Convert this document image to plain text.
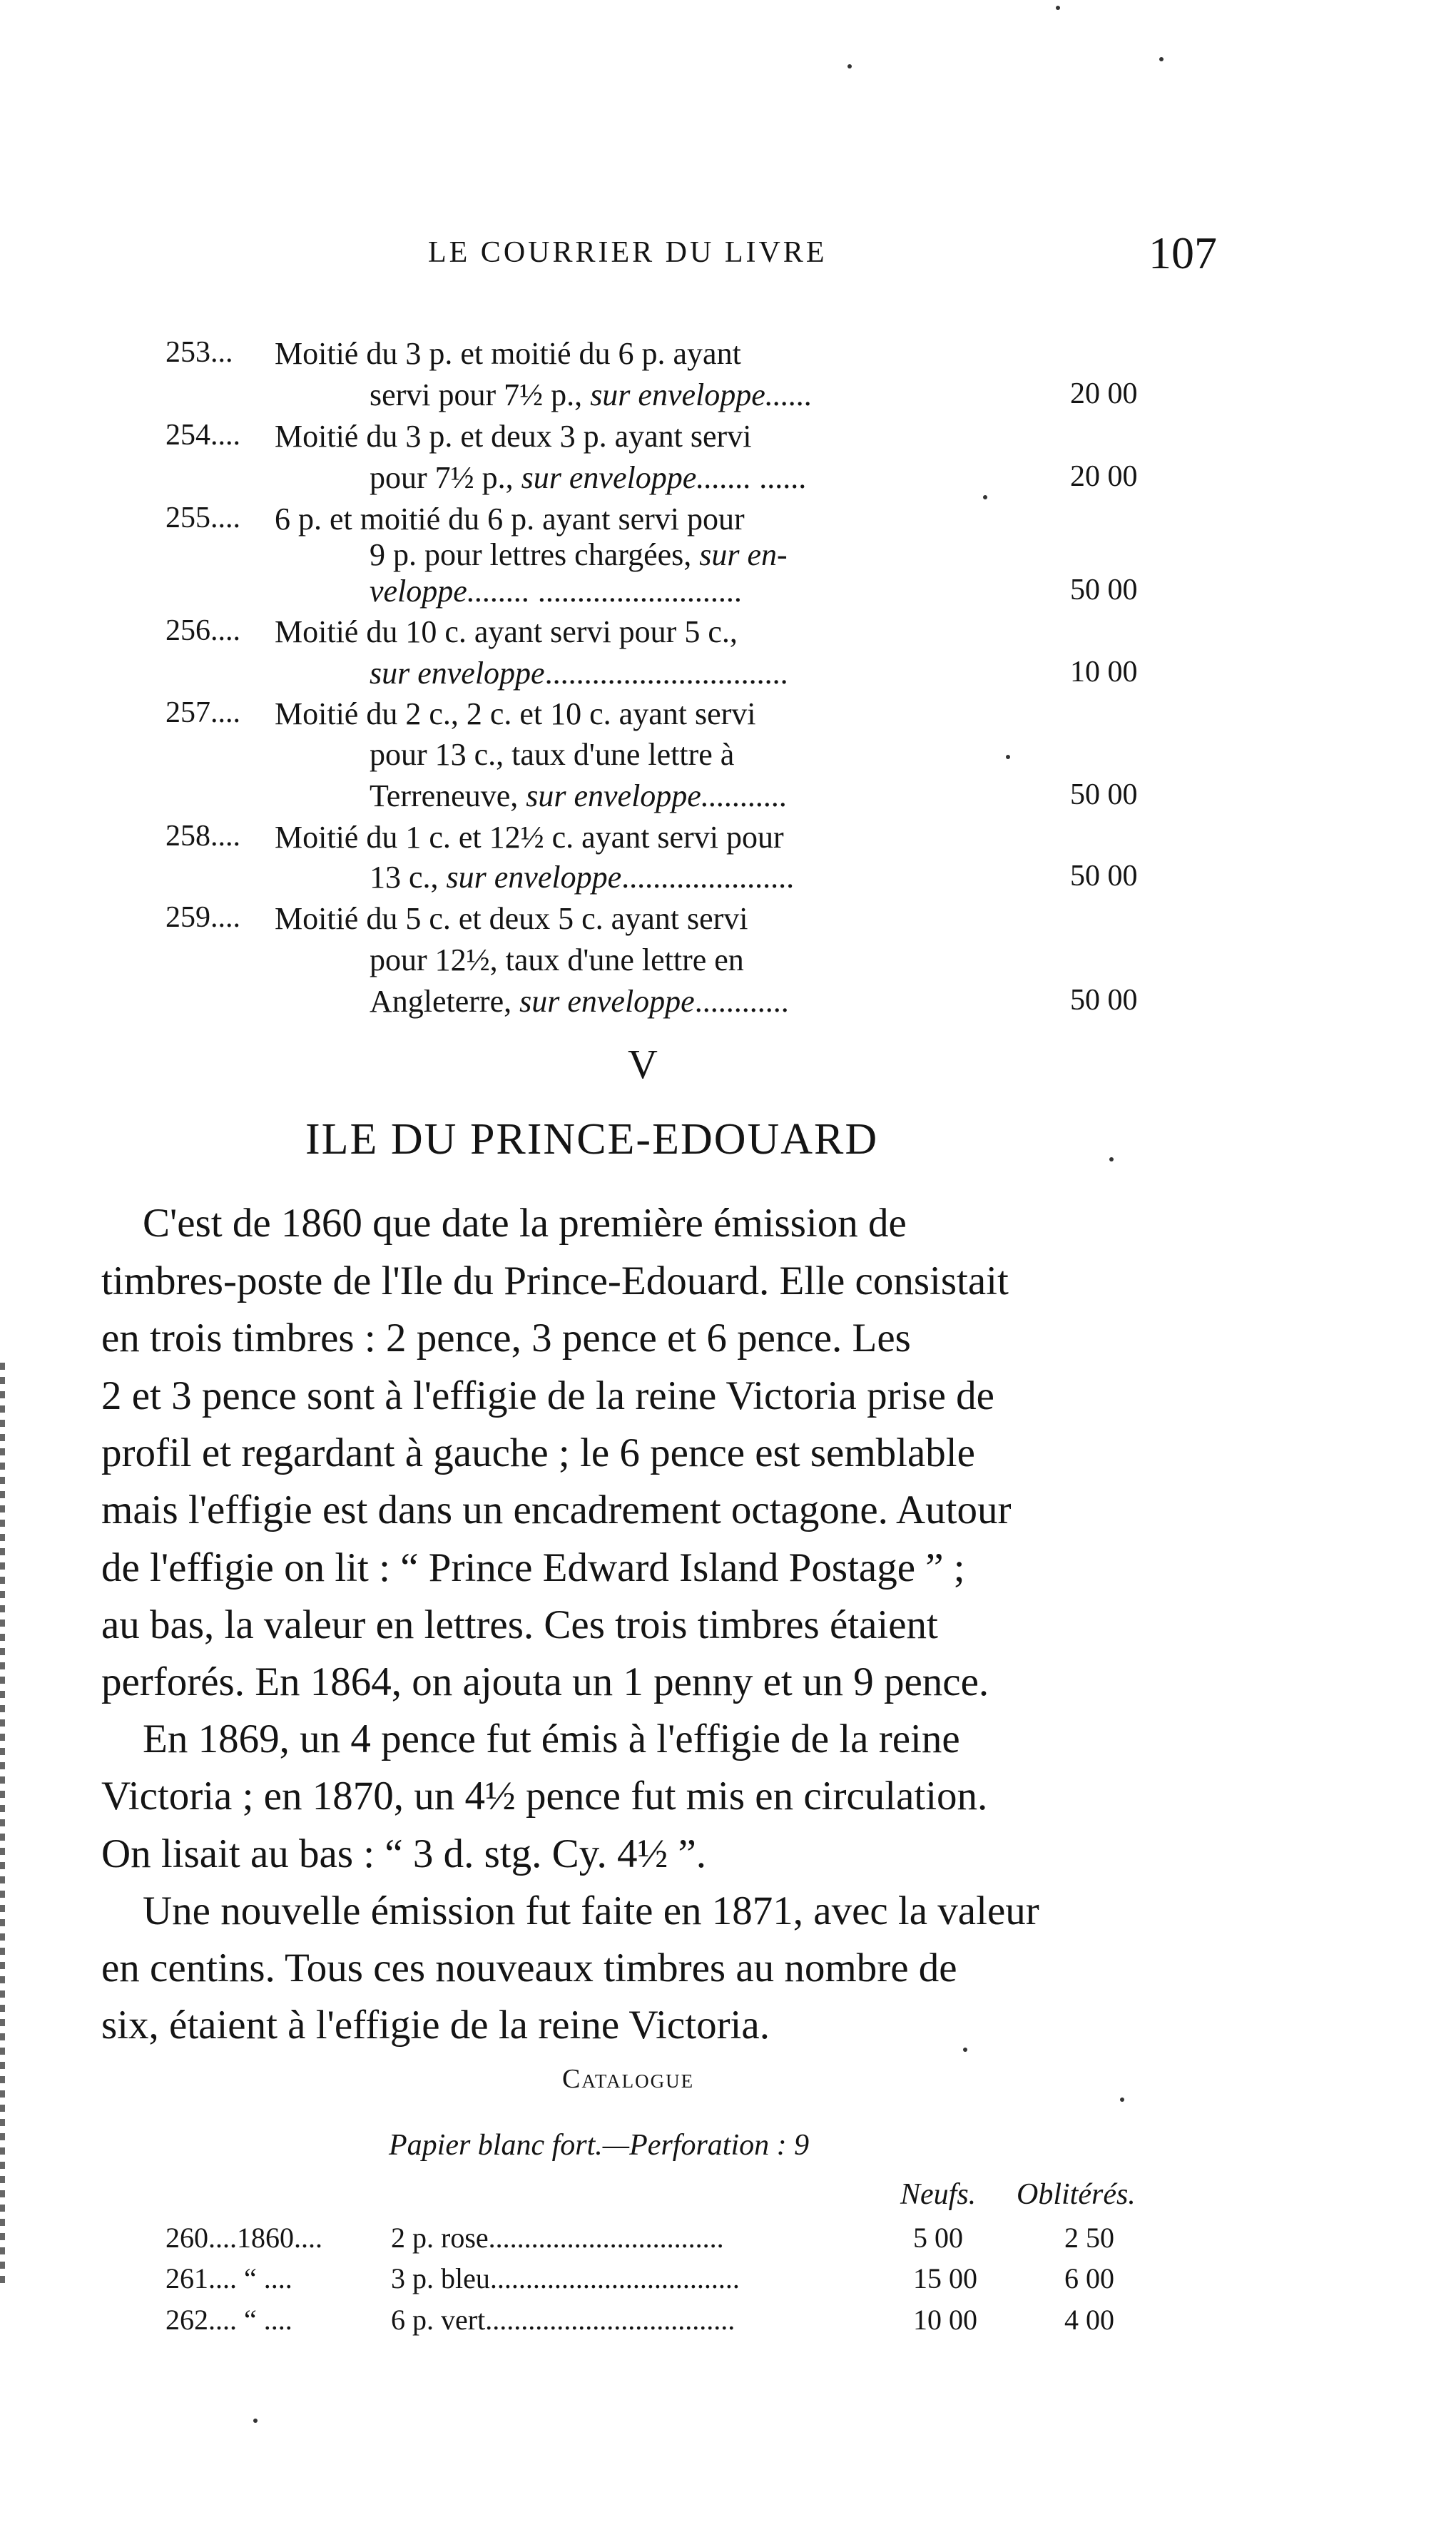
LE COURRIER DU LIVRE	107
253... Moitié du 3 p. et moitié du 6 p. ayant
servi pour 7½ p., sur enveloppe......	20 00
254.... Moitié du 3 p. et deux 3 p. ayant servi
pour 7½ p., sur enveloppe....... ......	20 00
255.... 6 p. et moitié du 6 p. ayant servi pour
9 p. pour lettres chargées, sur en-
veloppe........ ..........................	50 00
256.... Moitié du 10 c. ayant servi pour 5 c.,
sur enveloppe...............................	10 00
257.... Moitié du 2 c., 2 c. et 10 c. ayant servi
pour 13 c., taux d'une lettre à
Terreneuve, sur enveloppe...........	50 00
258.... Moitié du 1 c. et 12½ c. ayant servi pour
13 c., sur enveloppe......................	50 00
259.... Moitié du 5 c. et deux 5 c. ayant servi
pour 12½, taux d'une lettre en
Angleterre, sur enveloppe............	50 00
V
ILE DU PRINCE-EDOUARD
C'est de 1860 que date la première émission de
timbres-poste de l'Ile du Prince-Edouard. Elle consistait
en trois timbres : 2 pence, 3 pence et 6 pence. Les
2 et 3 pence sont à l'effigie de la reine Victoria prise de
profil et regardant à gauche ; le 6 pence est semblable
mais l'effigie est dans un encadrement octagone. Autour
de l'effigie on lit : “ Prince Edward Island Postage ” ;
au bas, la valeur en lettres. Ces trois timbres étaient
perforés. En 1864, on ajouta un 1 penny et un 9 pence.
En 1869, un 4 pence fut émis à l'effigie de la reine
Victoria ; en 1870, un 4½ pence fut mis en circulation.
On lisait au bas : “ 3 d. stg. Cy. 4½ ”.
Une nouvelle émission fut faite en 1871, avec la valeur
en centins. Tous ces nouveaux timbres au nombre de
six, étaient à l'effigie de la reine Victoria.
Catalogue
Papier blanc fort.—Perforation : 9
Neufs. Oblitérés.
260....1860.... 2 p. rose.................................	5 00	2 50
261.... “ ....	3 p. bleu...................................	15 00	6 00
262.... “ ....	6 p. vert...................................	10 00	4 00
